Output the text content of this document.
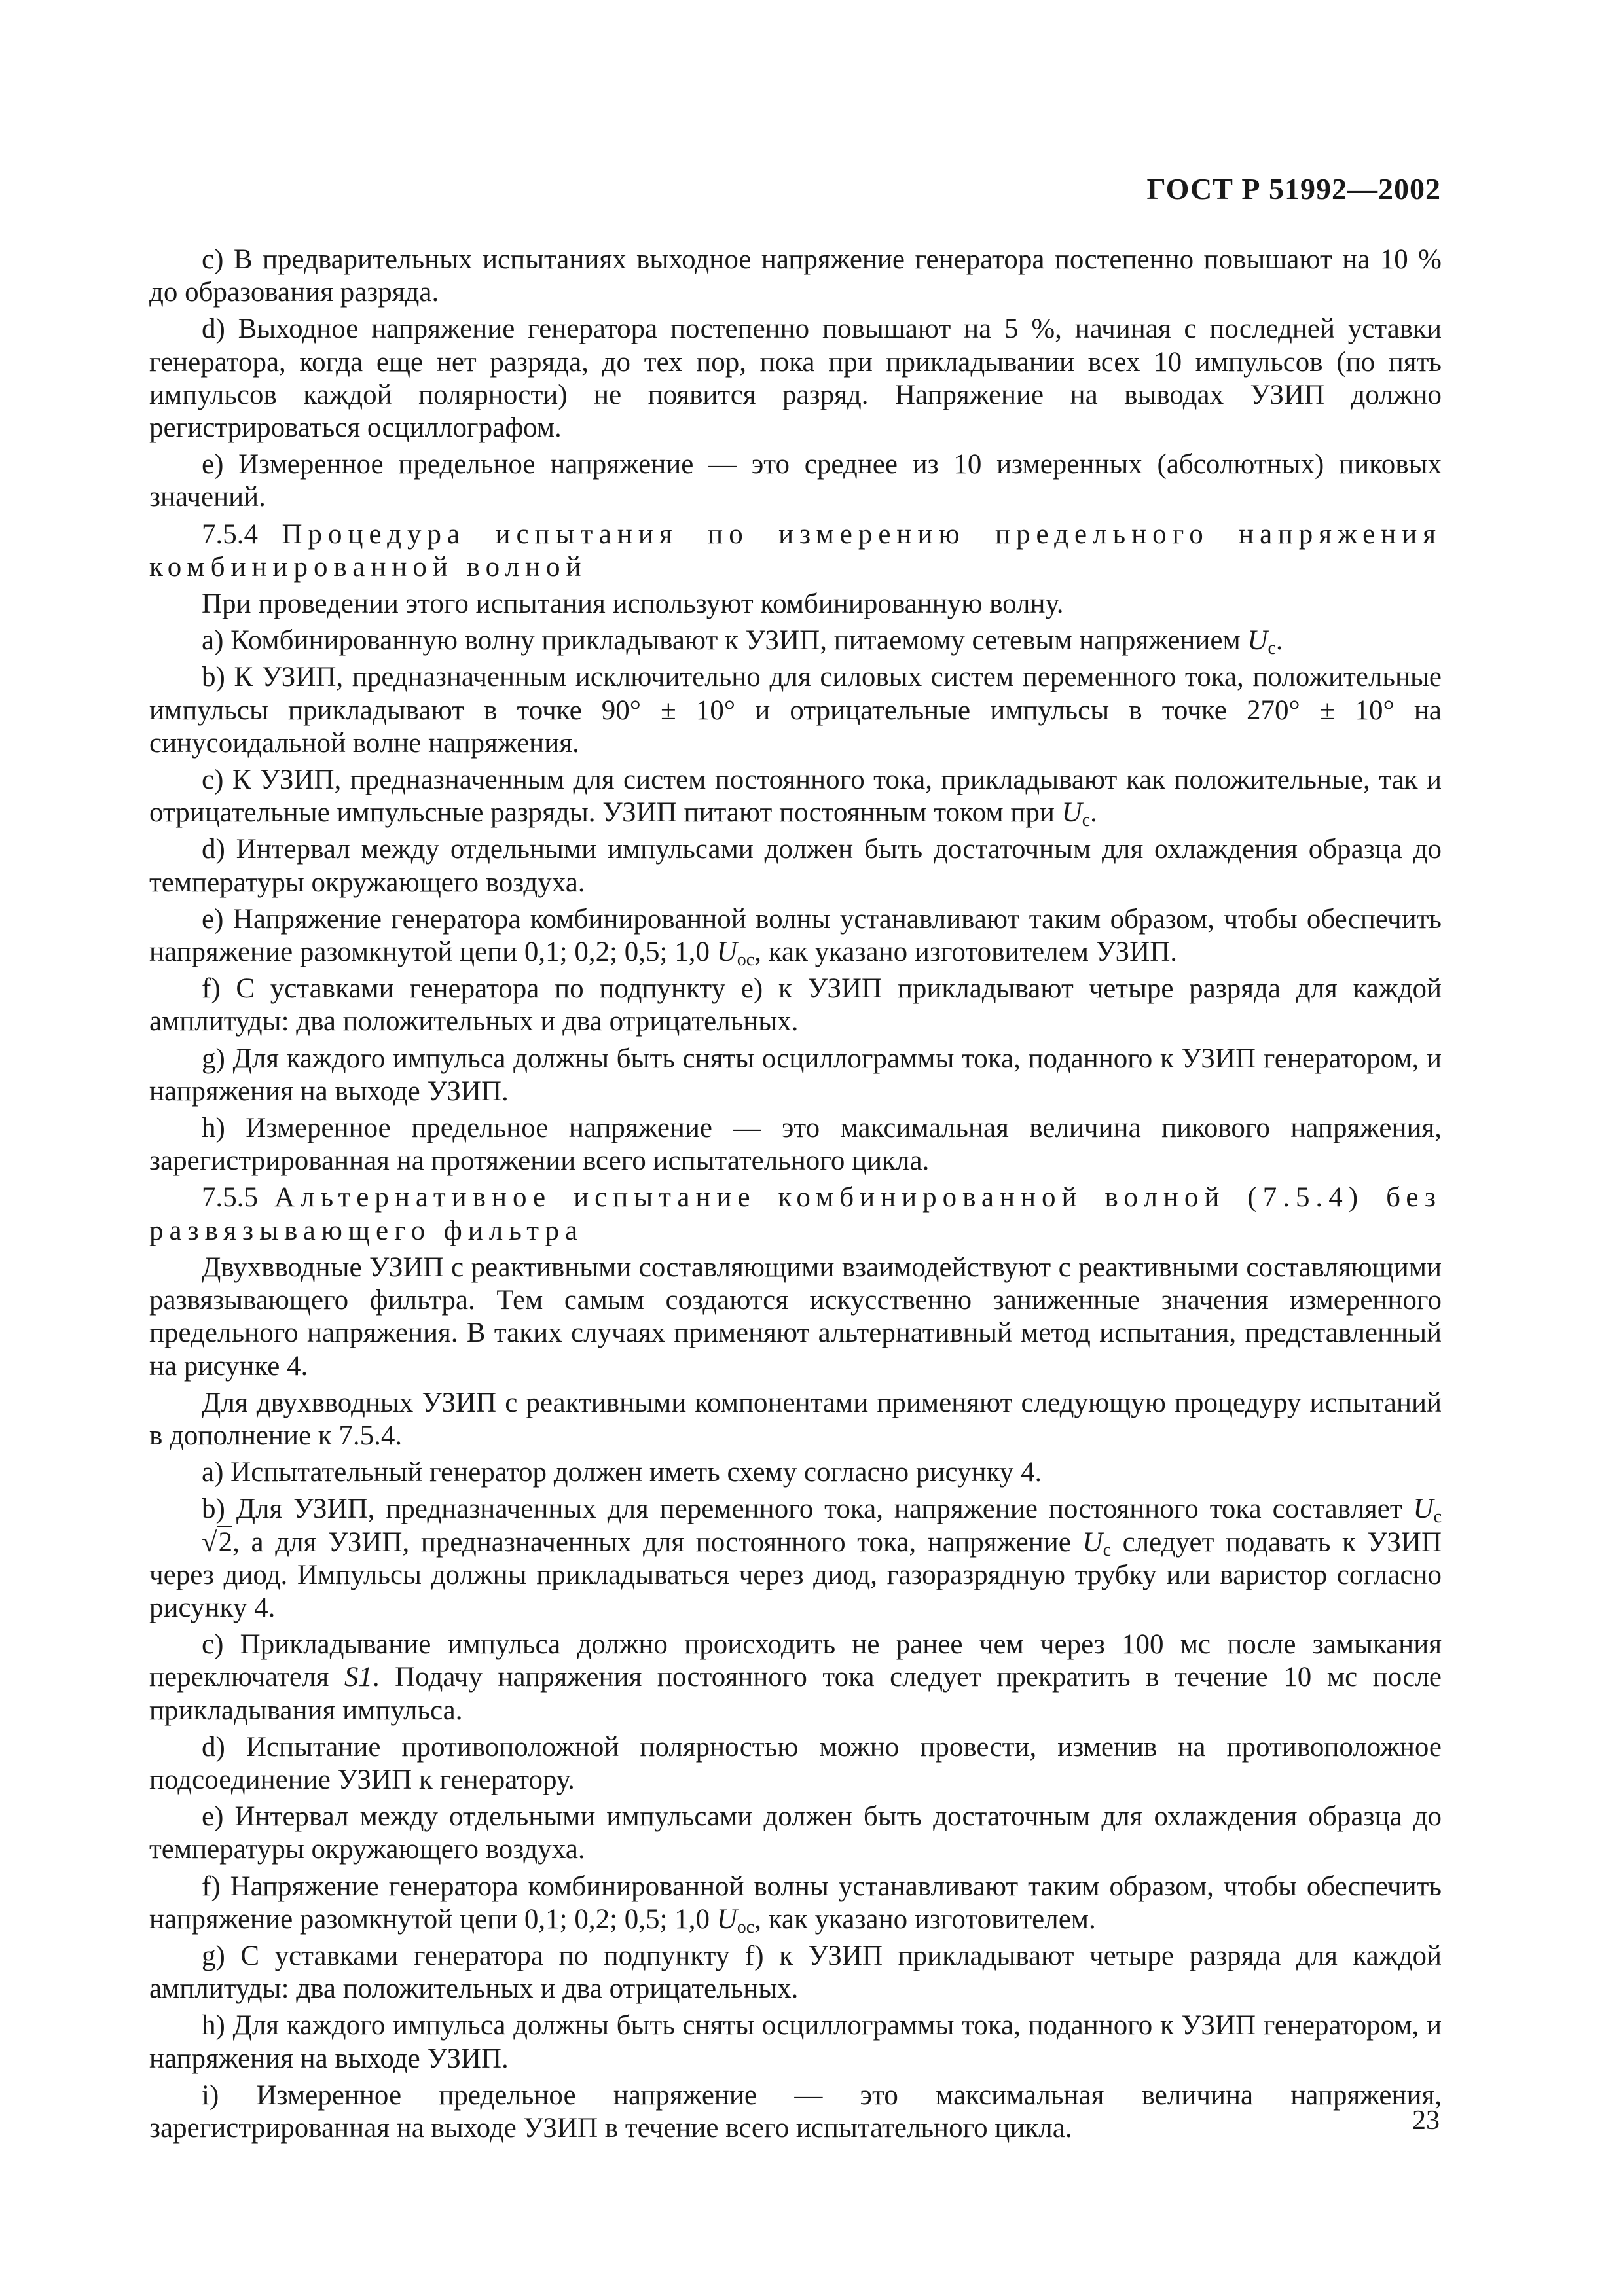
ГОСТ Р 51992—2002

c) В предварительных испытаниях выходное напряжение генератора постепенно повышают на 10 % до образования разряда.

d) Выходное напряжение генератора постепенно повышают на 5 %, начиная с последней уставки генератора, когда еще нет разряда, до тех пор, пока при прикладывании всех 10 импульсов (по пять импульсов каждой полярности) не появится разряд. Напряжение на выводах УЗИП должно регистрироваться осциллографом.

e) Измеренное предельное напряжение — это среднее из 10 измеренных (абсолютных) пиковых значений.

7.5.4 Процедура испытания по измерению предельного напряжения комбинированной волной

При проведении этого испытания используют комбинированную волну.

a) Комбинированную волну прикладывают к УЗИП, питаемому сетевым напряжением $U_c$.

b) К УЗИП, предназначенным исключительно для силовых систем переменного тока, положительные импульсы прикладывают в точке 90° ± 10° и отрицательные импульсы в точке 270° ± 10° на синусоидальной волне напряжения.

c) К УЗИП, предназначенным для систем постоянного тока, прикладывают как положительные, так и отрицательные импульсные разряды. УЗИП питают постоянным током при $U_c$.

d) Интервал между отдельными импульсами должен быть достаточным для охлаждения образца до температуры окружающего воздуха.

e) Напряжение генератора комбинированной волны устанавливают таким образом, чтобы обеспечить напряжение разомкнутой цепи 0,1; 0,2; 0,5; 1,0 $U_{oc}$, как указано изготовителем УЗИП.

f) С уставками генератора по подпункту e) к УЗИП прикладывают четыре разряда для каждой амплитуды: два положительных и два отрицательных.

g) Для каждого импульса должны быть сняты осциллограммы тока, поданного к УЗИП генератором, и напряжения на выходе УЗИП.

h) Измеренное предельное напряжение — это максимальная величина пикового напряжения, зарегистрированная на протяжении всего испытательного цикла.

7.5.5 Альтернативное испытание комбинированной волной (7.5.4) без развязывающего фильтра

Двухвводные УЗИП с реактивными составляющими взаимодействуют с реактивными составляющими развязывающего фильтра. Тем самым создаются искусственно заниженные значения измеренного предельного напряжения. В таких случаях применяют альтернативный метод испытания, представленный на рисунке 4.

Для двухвводных УЗИП с реактивными компонентами применяют следующую процедуру испытаний в дополнение к 7.5.4.

a) Испытательный генератор должен иметь схему согласно рисунку 4.

b) Для УЗИП, предназначенных для переменного тока, напряжение постоянного тока составляет $U_c$ √2, а для УЗИП, предназначенных для постоянного тока, напряжение $U_c$ следует подавать к УЗИП через диод. Импульсы должны прикладываться через диод, газоразрядную трубку или варистор согласно рисунку 4.

c) Прикладывание импульса должно происходить не ранее чем через 100 мс после замыкания переключателя S1. Подачу напряжения постоянного тока следует прекратить в течение 10 мс после прикладывания импульса.

d) Испытание противоположной полярностью можно провести, изменив на противоположное подсоединение УЗИП к генератору.

e) Интервал между отдельными импульсами должен быть достаточным для охлаждения образца до температуры окружающего воздуха.

f) Напряжение генератора комбинированной волны устанавливают таким образом, чтобы обеспечить напряжение разомкнутой цепи 0,1; 0,2; 0,5; 1,0 $U_{oc}$, как указано изготовителем.

g) С уставками генератора по подпункту f) к УЗИП прикладывают четыре разряда для каждой амплитуды: два положительных и два отрицательных.

h) Для каждого импульса должны быть сняты осциллограммы тока, поданного к УЗИП генератором, и напряжения на выходе УЗИП.

i) Измеренное предельное напряжение — это максимальная величина напряжения, зарегистрированная на выходе УЗИП в течение всего испытательного цикла.	23
